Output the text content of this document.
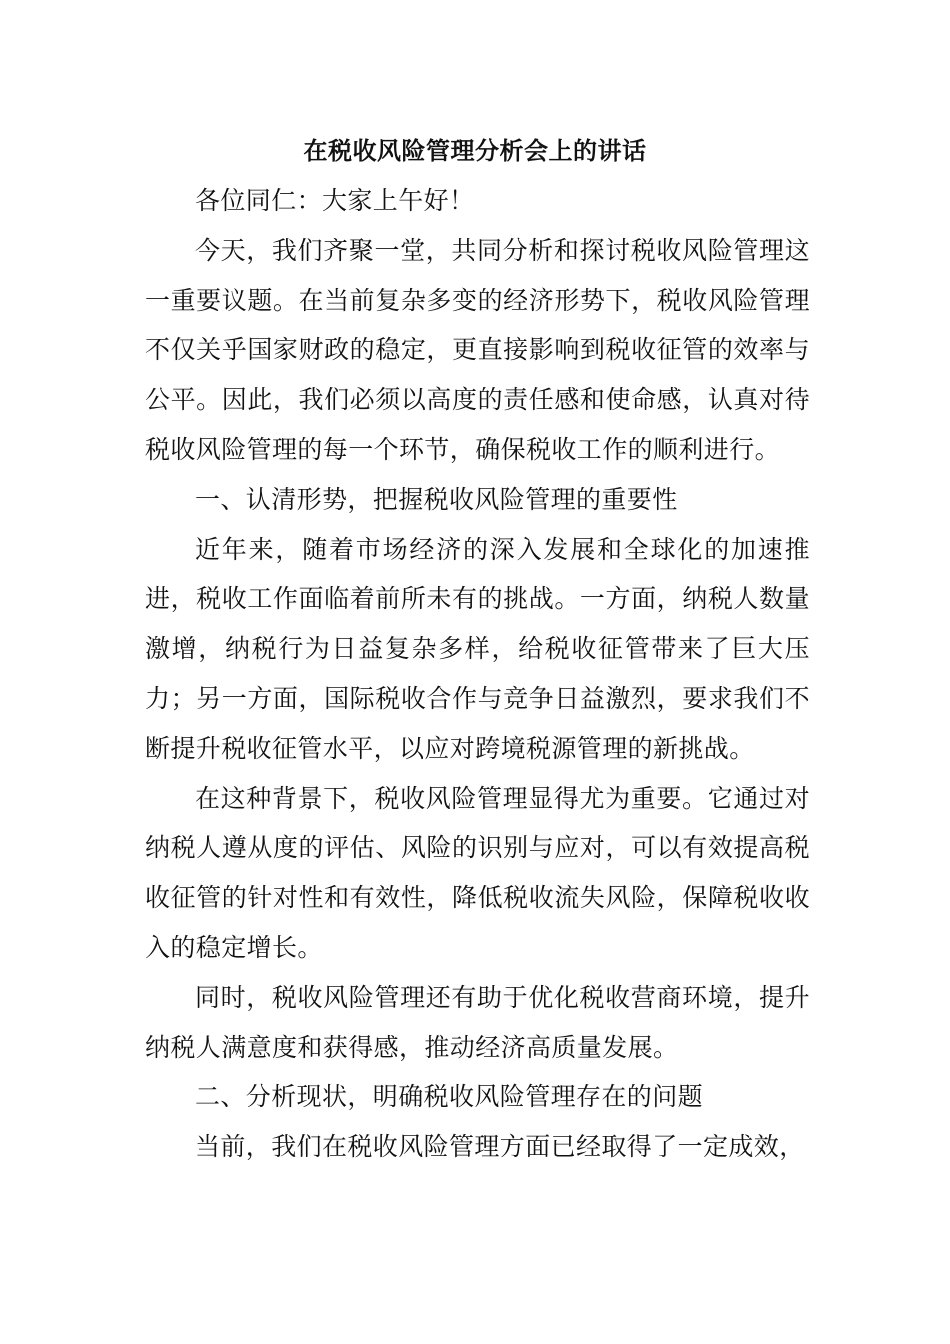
在税收风险管理分析会上的讲话

各位同仁：大家上午好！

今天，我们齐聚一堂，共同分析和探讨税收风险管理这一重要议题。在当前复杂多变的经济形势下，税收风险管理不仅关乎国家财政的稳定，更直接影响到税收征管的效率与公平。因此，我们必须以高度的责任感和使命感，认真对待税收风险管理的每一个环节，确保税收工作的顺利进行。

一、认清形势，把握税收风险管理的重要性

近年来，随着市场经济的深入发展和全球化的加速推进，税收工作面临着前所未有的挑战。一方面，纳税人数量激增，纳税行为日益复杂多样，给税收征管带来了巨大压力；另一方面，国际税收合作与竞争日益激烈，要求我们不断提升税收征管水平，以应对跨境税源管理的新挑战。

在这种背景下，税收风险管理显得尤为重要。它通过对纳税人遵从度的评估、风险的识别与应对，可以有效提高税收征管的针对性和有效性，降低税收流失风险，保障税收收入的稳定增长。

同时，税收风险管理还有助于优化税收营商环境，提升纳税人满意度和获得感，推动经济高质量发展。

二、分析现状，明确税收风险管理存在的问题

当前，我们在税收风险管理方面已经取得了一定成效，
